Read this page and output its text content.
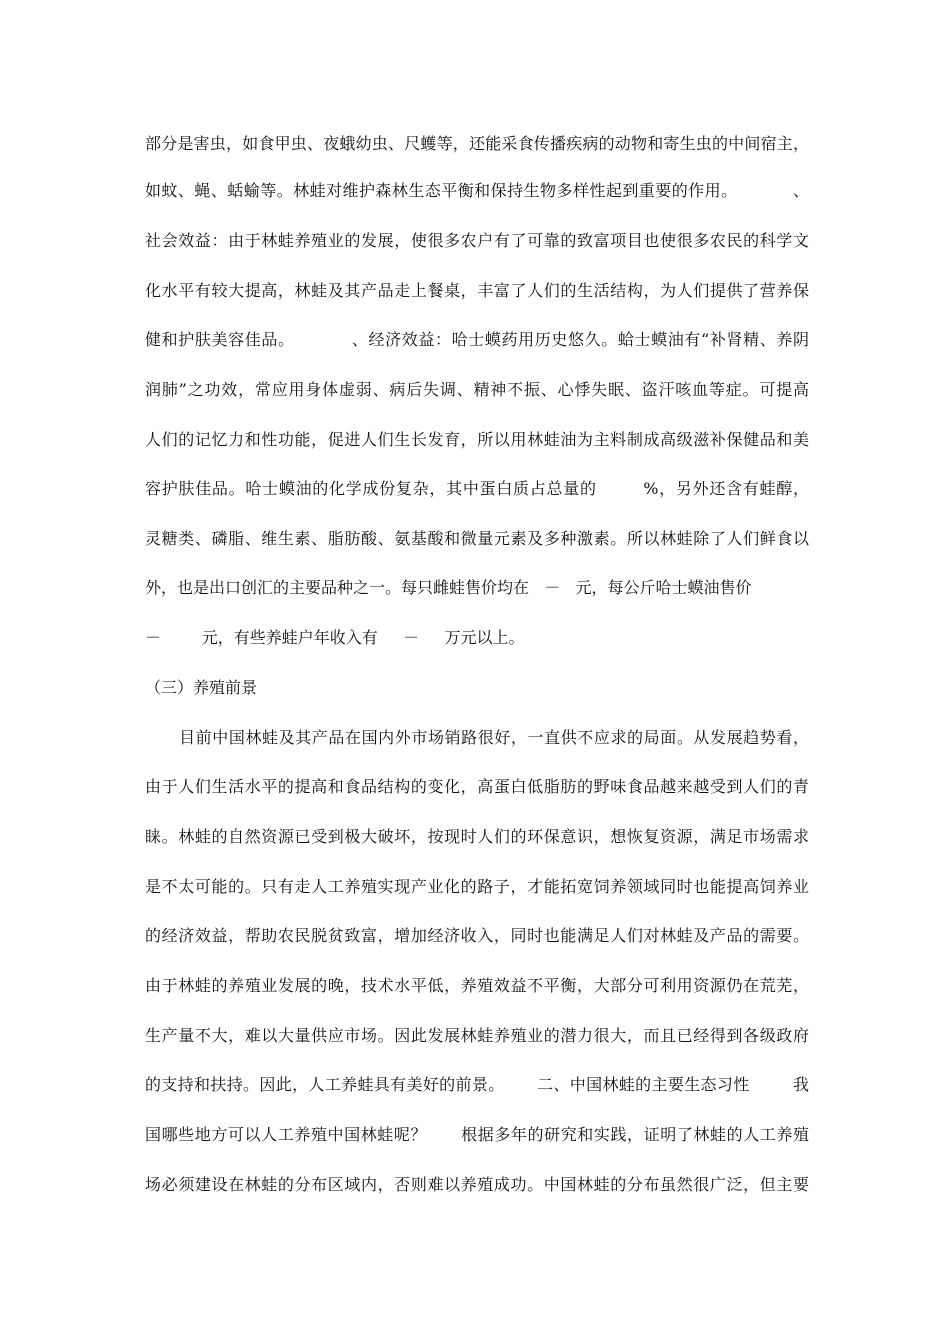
部分是害虫，如食甲虫、夜蛾幼虫、尺蠖等，还能采食传播疾病的动物和寄生虫的中间宿主，
如蚊、蝇、蛞蝓等。林蛙对维护森林生态平衡和保持生物多样性起到重要的作用。          、
社会效益：由于林蛙养殖业的发展，使很多农户有了可靠的致富项目也使很多农民的科学文
化水平有较大提高，林蛙及其产品走上餐桌，丰富了人们的生活结构，为人们提供了营养保
健和护肤美容佳品。          、经济效益：哈士蟆药用历史悠久。蛤士蟆油有“补肾精、养阴
润肺”之功效，常应用身体虚弱、病后失调、精神不振、心悸失眠、盗汗咳血等症。可提高
人们的记忆力和性功能，促进人们生长发育，所以用林蛙油为主料制成高级滋补保健品和美
容护肤佳品。哈士蟆油的化学成份复杂，其中蛋白质占总量的        %，另外还含有蛙醇，
灵糖类、磷脂、维生素、脂肪酸、氨基酸和微量元素及多种激素。所以林蛙除了人们鲜食以
外，也是出口创汇的主要品种之一。每只雌蛙售价均在   －   元，每公斤哈士蟆油售价
－        元，有些养蛙户年收入有     －     万元以上。
（三）养殖前景
目前中国林蛙及其产品在国内外市场销路很好，一直供不应求的局面。从发展趋势看，
由于人们生活水平的提高和食品结构的变化，高蛋白低脂肪的野味食品越来越受到人们的青
睐。林蛙的自然资源已受到极大破坏，按现时人们的环保意识，想恢复资源，满足市场需求
是不太可能的。只有走人工养殖实现产业化的路子，才能拓宽饲养领域同时也能提高饲养业
的经济效益，帮助农民脱贫致富，增加经济收入，同时也能满足人们对林蛙及产品的需要。
由于林蛙的养殖业发展的晚，技术水平低，养殖效益不平衡，大部分可利用资源仍在荒芜，
生产量不大，难以大量供应市场。因此发展林蛙养殖业的潜力很大，而且已经得到各级政府
的支持和扶持。因此，人工养蛙具有美好的前景。      二、中国林蛙的主要生态习性        我
国哪些地方可以人工养殖中国林蛙呢？      根据多年的研究和实践，证明了林蛙的人工养殖
场必须建设在林蛙的分布区域内，否则难以养殖成功。中国林蛙的分布虽然很广泛，但主要
